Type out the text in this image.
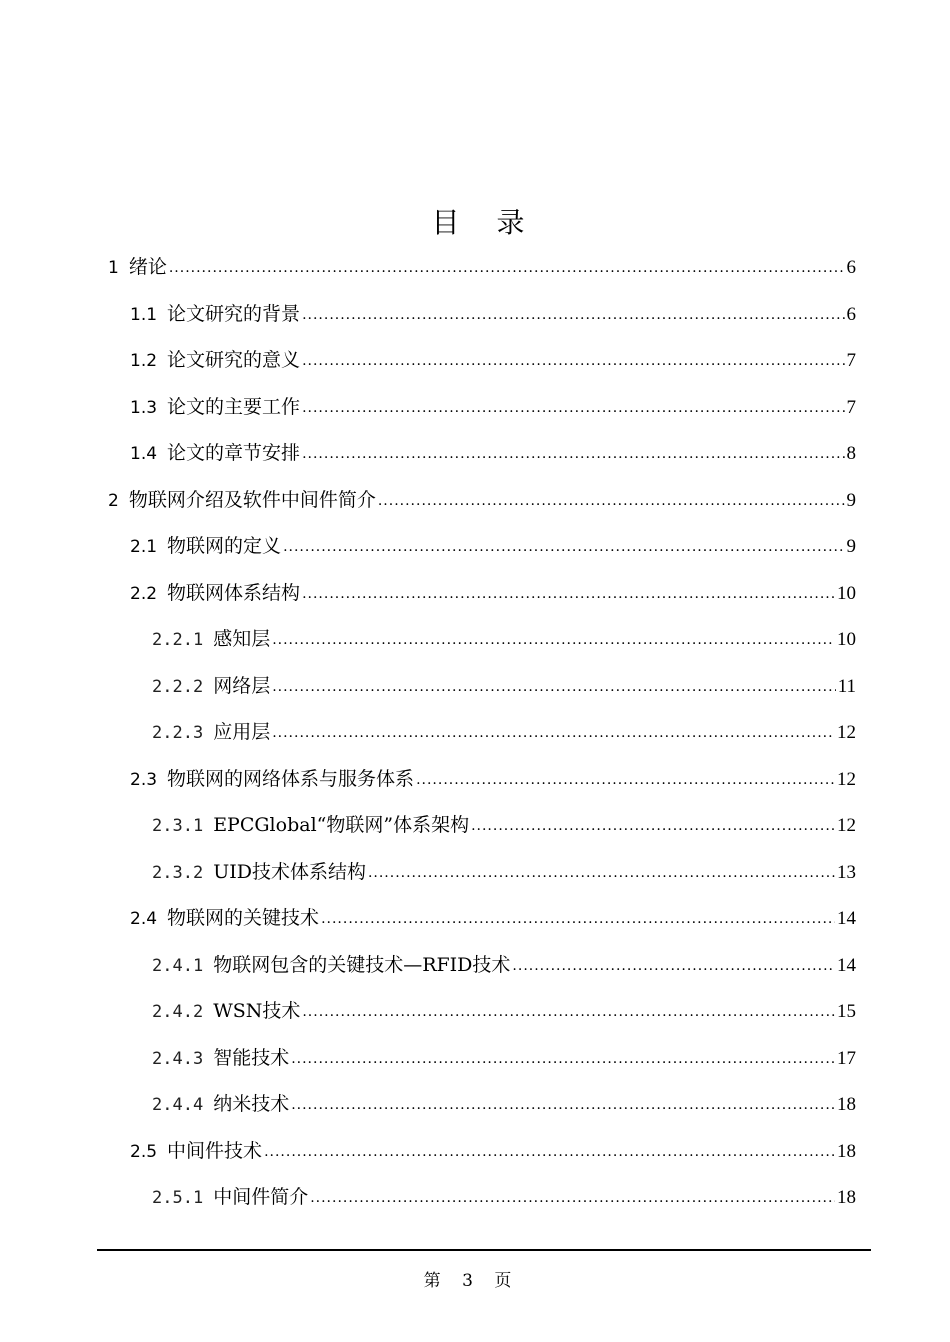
目 录
1 绪论 .....	6
1.1 论文研究的背景 .....	6
1.2 论文研究的意义 .....	7
1.3 论文的主要工作 .....	7
1.4 论文的章节安排 .....	8
2 物联网介绍及软件中间件简介 .....	9
2.1 物联网的定义 .....	9
2.2 物联网体系结构 .....	10
2.2.1 感知层 .....	10
2.2.2 网络层 .....	11
2.2.3 应用层 .....	12
2.3 物联网的网络体系与服务体系 .....	12
2.3.1 EPCGlobal“物联网”体系架构 .....	12
2.3.2 UID技术体系结构 .....	13
2.4 物联网的关键技术 .....	14
2.4.1 物联网包含的关键技术—RFID技术 .....	14
2.4.2 WSN技术 .....	15
2.4.3 智能技术 .....	17
2.4.4 纳米技术 .....	18
2.5 中间件技术 .....	18
2.5.1 中间件简介 .....	18
第 3 页
